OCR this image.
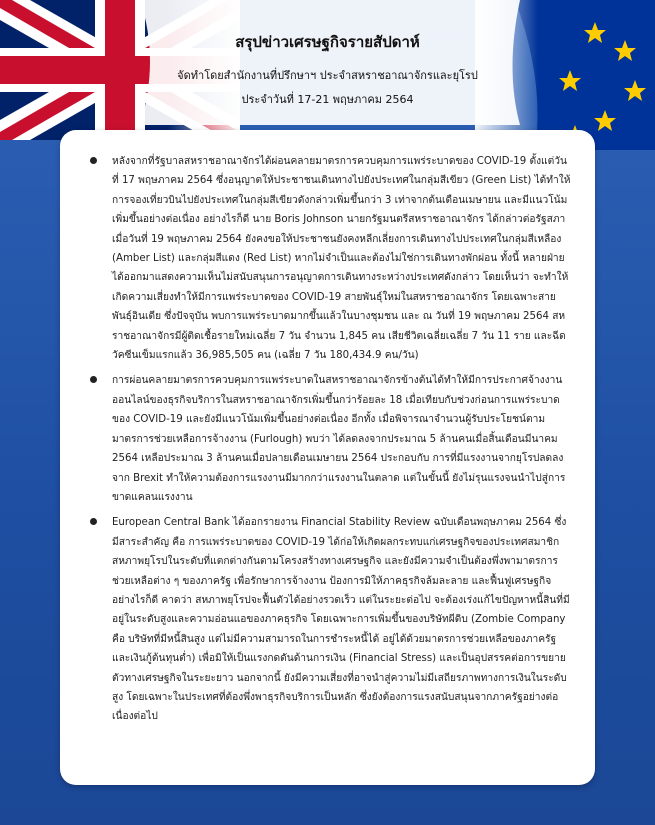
สรุปข่าวเศรษฐกิจรายสัปดาห์
จัดทำโดยสำนักงานที่ปรึกษาฯ ประจำสหราชอาณาจักรและยุโรป
ประจำวันที่ 17-21 พฤษภาคม 2564

หลังจากที่รัฐบาลสหราชอาณาจักรได้ผ่อนคลายมาตรการควบคุมการแพร่ระบาดของ COVID-19 ตั้งแต่วันที่ 17 พฤษภาคม 2564 ซึ่งอนุญาตให้ประชาชนเดินทางไปยังประเทศในกลุ่มสีเขียว (Green List) ได้ทำให้การจองเที่ยวบินไปยังประเทศในกลุ่มสีเขียวดังกล่าวเพิ่มขึ้นกว่า 3 เท่าจากต้นเดือนเมษายน และมีแนวโน้มเพิ่มขึ้นอย่างต่อเนื่อง อย่างไรก็ดี นาย Boris Johnson นายกรัฐมนตรีสหราชอาณาจักร ได้กล่าวต่อรัฐสภาเมื่อวันที่ 19 พฤษภาคม 2564 ยังคงขอให้ประชาชนยังคงหลีกเลี่ยงการเดินทางไปประเทศในกลุ่มสีเหลือง (Amber List) และกลุ่มสีแดง (Red List) หากไม่จำเป็นและต้องไม่ใช่การเดินทางพักผ่อน ทั้งนี้ หลายฝ่ายได้ออกมาแสดงความเห็นไม่สนับสนุนการอนุญาตการเดินทางระหว่างประเทศดังกล่าว โดยเห็นว่า จะทำให้เกิดความเสี่ยงทำให้มีการแพร่ระบาดของ COVID-19 สายพันธุ์ใหม่ในสหราชอาณาจักร โดยเฉพาะสายพันธุ์อินเดีย ซึ่งปัจจุบัน พบการแพร่ระบาดมากขึ้นแล้วในบางชุมชน และ ณ วันที่ 19 พฤษภาคม 2564 สหราชอาณาจักรมีผู้ติดเชื้อรายใหม่เฉลี่ย 7 วัน จำนวน 1,845 คน เสียชีวิตเฉลี่ยเฉลี่ย 7 วัน 11 ราย และฉีดวัคซีนเข็มแรกแล้ว 36,985,505 คน (เฉลี่ย 7 วัน 180,434.9 คน/วัน)

การผ่อนคลายมาตรการควบคุมการแพร่ระบาดในสหราชอาณาจักรข้างต้นได้ทำให้มีการประกาศจ้างงานออนไลน์ของธุรกิจบริการในสหราชอาณาจักรเพิ่มขึ้นกว่าร้อยละ 18 เมื่อเทียบกับช่วงก่อนการแพร่ระบาดของ COVID-19 และยังมีแนวโน้มเพิ่มขึ้นอย่างต่อเนื่อง อีกทั้ง เมื่อพิจารณาจำนวนผู้รับประโยชน์ตามมาตรการช่วยเหลือการจ้างงาน (Furlough) พบว่า ได้ลดลงจากประมาณ 5 ล้านคนเมื่อสิ้นเดือนมีนาคม 2564 เหลือประมาณ 3 ล้านคนเมื่อปลายเดือนเมษายน 2564 ประกอบกับ การที่มีแรงงานจากยุโรปลดลงจาก Brexit ทำให้ความต้องการแรงงานมีมากกว่าแรงงานในตลาด แต่ในขั้นนี้ ยังไม่รุนแรงจนนำไปสู่การขาดแคลนแรงงาน

European Central Bank ได้ออกรายงาน Financial Stability Review ฉบับเดือนพฤษภาคม 2564 ซึ่งมีสาระสำคัญ คือ การแพร่ระบาดของ COVID-19 ได้ก่อให้เกิดผลกระทบแก่เศรษฐกิจของประเทศสมาชิกสหภาพยุโรปในระดับที่แตกต่างกันตามโครงสร้างทางเศรษฐกิจ และยังมีความจำเป็นต้องพึ่งพามาตรการช่วยเหลือต่าง ๆ ของภาครัฐ เพื่อรักษาการจ้างงาน ป้องการมิให้ภาคธุรกิจล้มละลาย และฟื้นฟูเศรษฐกิจ อย่างไรก็ดี คาดว่า สหภาพยุโรปจะฟื้นตัวได้อย่างรวดเร็ว แต่ในระยะต่อไป จะต้องเร่งแก้ไขปัญหาหนี้สินที่มีอยู่ในระดับสูงและความอ่อนแอของภาคธุรกิจ โดยเฉพาะการเพิ่มขึ้นของบริษัทผีดิบ (Zombie Company คือ บริษัทที่มีหนี้สินสูง แต่ไม่มีความสามารถในการชำระหนี้ได้ อยู่ได้ด้วยมาตรการช่วยเหลือของภาครัฐและเงินกู้ต้นทุนต่ำ) เพื่อมิให้เป็นแรงกดดันด้านการเงิน (Financial Stress) และเป็นอุปสรรคต่อการขยายตัวทางเศรษฐกิจในระยะยาว นอกจากนี้ ยังมีความเสี่ยงที่อาจนำสู่ความไม่มีเสถียรภาพทางการเงินในระดับสูง โดยเฉพาะในประเทศที่ต้องพึ่งพาธุรกิจบริการเป็นหลัก ซึ่งยังต้องการแรงสนับสนุนจากภาครัฐอย่างต่อเนื่องต่อไป
